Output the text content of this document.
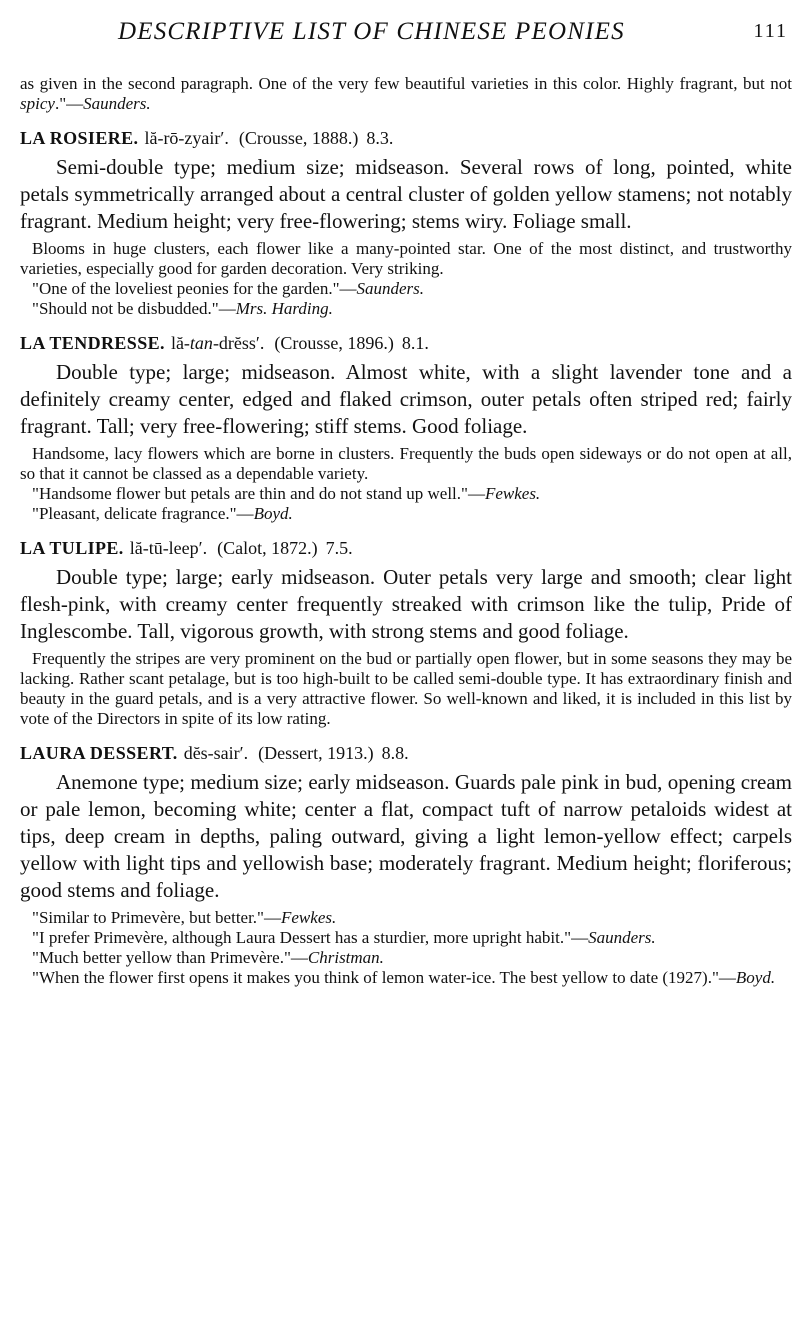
DESCRIPTIVE LIST OF CHINESE PEONIES	111

as given in the second paragraph. One of the very few beautiful varieties in this color. Highly fragrant, but not spicy."—Saunders.

LA ROSIERE. lă-rō-zyair′. (Crousse, 1888.) 8.3.

Semi-double type; medium size; midseason. Several rows of long, pointed, white petals symmetrically arranged about a central cluster of golden yellow stamens; not notably fragrant. Medium height; very free-flowering; stems wiry. Foliage small.

Blooms in huge clusters, each flower like a many-pointed star. One of the most distinct, and trustworthy varieties, especially good for garden decoration. Very striking.

"One of the loveliest peonies for the garden."—Saunders.

"Should not be disbudded."—Mrs. Harding.

LA TENDRESSE. lă-tan-drĕss′. (Crousse, 1896.) 8.1.

Double type; large; midseason. Almost white, with a slight lavender tone and a definitely creamy center, edged and flaked crimson, outer petals often striped red; fairly fragrant. Tall; very free-flowering; stiff stems. Good foliage.

Handsome, lacy flowers which are borne in clusters. Frequently the buds open sideways or do not open at all, so that it cannot be classed as a dependable variety.

"Handsome flower but petals are thin and do not stand up well."—Fewkes.

"Pleasant, delicate fragrance."—Boyd.

LA TULIPE. lă-tū-leep′. (Calot, 1872.) 7.5.

Double type; large; early midseason. Outer petals very large and smooth; clear light flesh-pink, with creamy center frequently streaked with crimson like the tulip, Pride of Inglescombe. Tall, vigorous growth, with strong stems and good foliage.

Frequently the stripes are very prominent on the bud or partially open flower, but in some seasons they may be lacking. Rather scant petalage, but is too high-built to be called semi-double type. It has extraordinary finish and beauty in the guard petals, and is a very attractive flower. So well-known and liked, it is included in this list by vote of the Directors in spite of its low rating.

LAURA DESSERT. dĕs-sair′. (Dessert, 1913.) 8.8.

Anemone type; medium size; early midseason. Guards pale pink in bud, opening cream or pale lemon, becoming white; center a flat, compact tuft of narrow petaloids widest at tips, deep cream in depths, paling outward, giving a light lemon-yellow effect; carpels yellow with light tips and yellowish base; moderately fragrant. Medium height; floriferous; good stems and foliage.

"Similar to Primevère, but better."—Fewkes.

"I prefer Primevère, although Laura Dessert has a sturdier, more upright habit."—Saunders.

"Much better yellow than Primevère."—Christman.

"When the flower first opens it makes you think of lemon water-ice. The best yellow to date (1927)."—Boyd.
